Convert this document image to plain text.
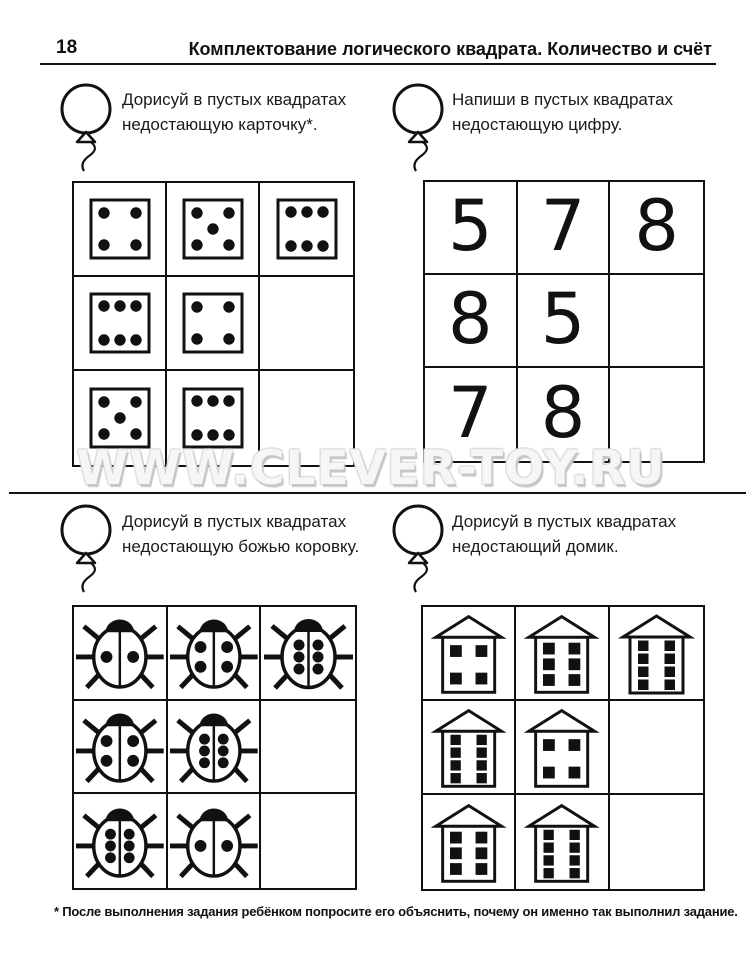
18	Комплектование логического квадрата. Количество и счёт
Дорисуй в пустых квадратах
недостающую карточку*.
Напиши в пустых квадратах
недостающую цифру.
Дорисуй в пустых квадратах
недостающую божью коровку.
Дорисуй в пустых квадратах
недостающий домик.
5 7 8
8 5
7 8
WWW.CLEVER-TOY.RU
* После выполнения задания ребёнком попросите его объяснить, почему он именно так выполнил задание.
